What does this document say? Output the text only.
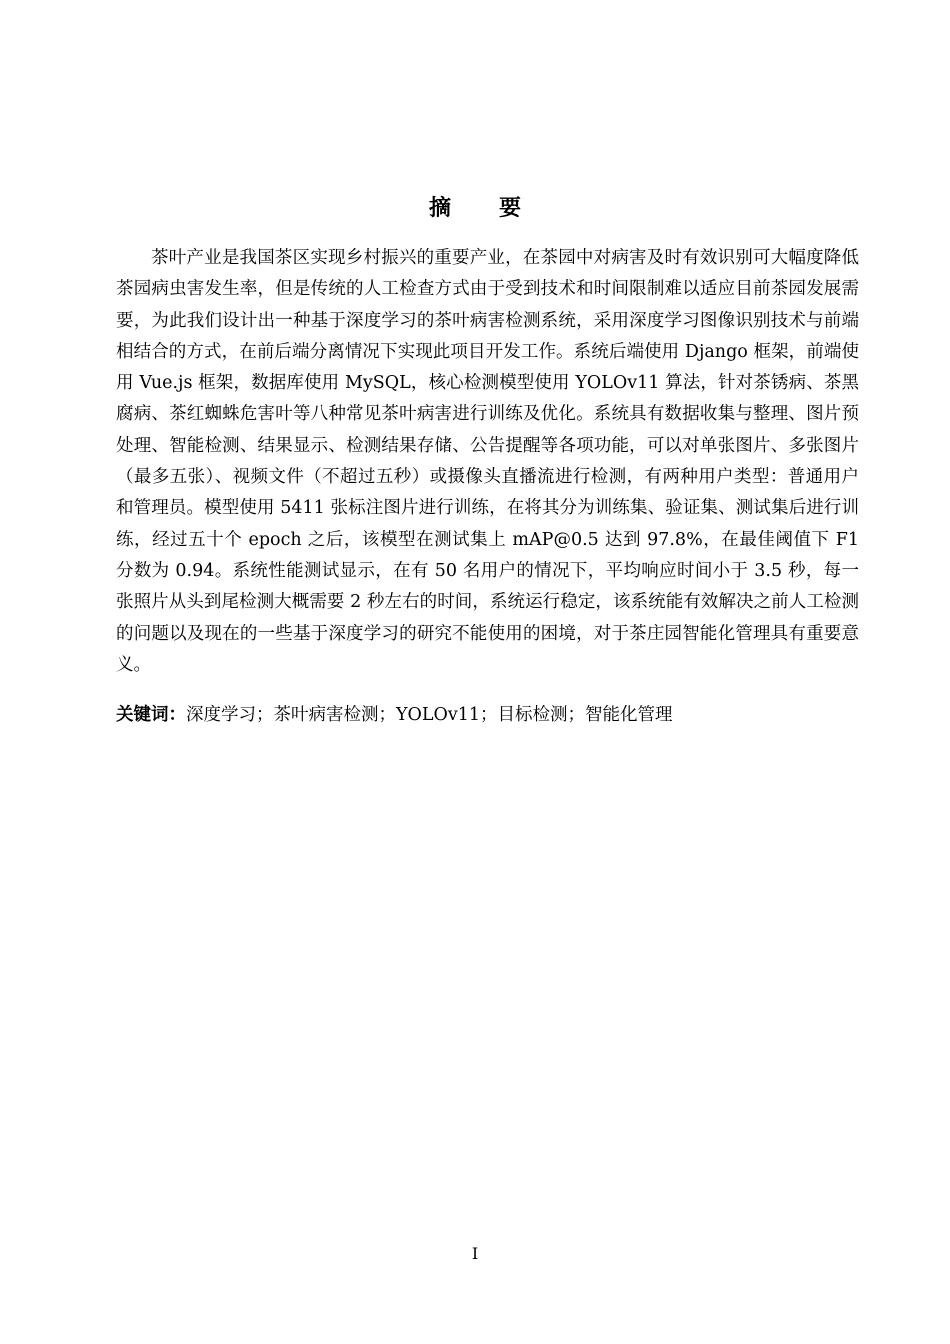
摘要

茶叶产业是我国茶区实现乡村振兴的重要产业，在茶园中对病害及时有效识别可大幅度降低茶园病虫害发生率，但是传统的人工检查方式由于受到技术和时间限制难以适应目前茶园发展需要，为此我们设计出一种基于深度学习的茶叶病害检测系统，采用深度学习图像识别技术与前端相结合的方式，在前后端分离情况下实现此项目开发工作。系统后端使用 Django 框架，前端使用 Vue.js 框架，数据库使用 MySQL，核心检测模型使用 YOLOv11 算法，针对茶锈病、茶黑腐病、茶红蜘蛛危害叶等八种常见茶叶病害进行训练及优化。系统具有数据收集与整理、图片预处理、智能检测、结果显示、检测结果存储、公告提醒等各项功能，可以对单张图片、多张图片（最多五张）、视频文件（不超过五秒）或摄像头直播流进行检测，有两种用户类型：普通用户和管理员。模型使用 5411 张标注图片进行训练，在将其分为训练集、验证集、测试集后进行训练，经过五十个 epoch 之后，该模型在测试集上 mAP@0.5 达到 97.8%，在最佳阈值下 F1 分数为 0.94。系统性能测试显示，在有 50 名用户的情况下，平均响应时间小于 3.5 秒，每一张照片从头到尾检测大概需要 2 秒左右的时间，系统运行稳定，该系统能有效解决之前人工检测的问题以及现在的一些基于深度学习的研究不能使用的困境，对于茶庄园智能化管理具有重要意义。

关键词：深度学习；茶叶病害检测；YOLOv11；目标检测；智能化管理

I
